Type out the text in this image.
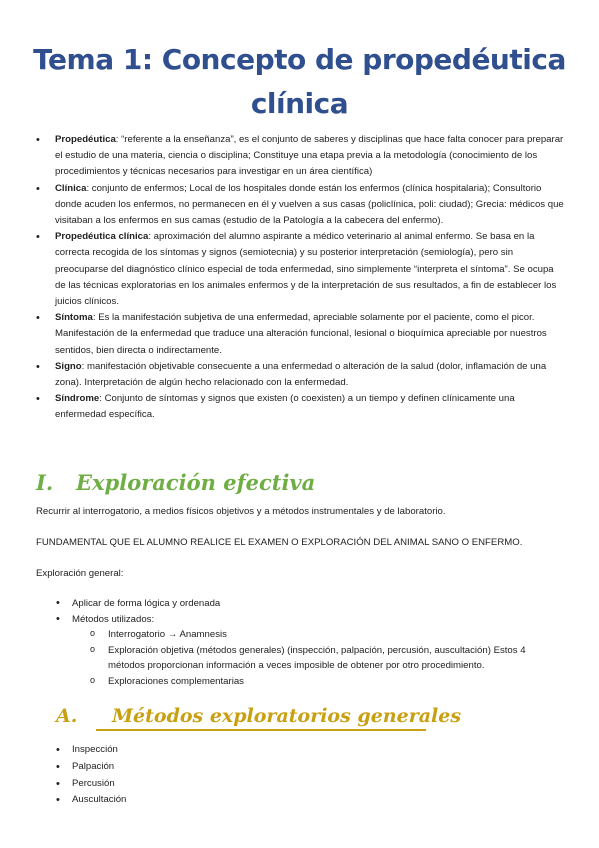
Tema 1: Concepto de propedéutica
clínica
• Propedéutica: “referente a la enseñanza”, es el conjunto de saberes y disciplinas que hace falta conocer para preparar el estudio de una materia, ciencia o disciplina; Constituye una etapa previa a la metodología (conocimiento de los procedimientos y técnicas necesarios para investigar en un área científica)
• Clínica: conjunto de enfermos; Local de los hospitales donde están los enfermos (clínica hospitalaria); Consultorio donde acuden los enfermos, no permanecen en él y vuelven a sus casas (policlínica, poli: ciudad); Grecia: médicos que visitaban a los enfermos en sus camas (estudio de la Patología a la cabecera del enfermo).
• Propedéutica clínica: aproximación del alumno aspirante a médico veterinario al animal enfermo. Se basa en la correcta recogida de los síntomas y signos (semiotecnia) y su posterior interpretación (semiología), pero sin preocuparse del diagnóstico clínico especial de toda enfermedad, sino simplemente “interpreta el síntoma”. Se ocupa de las técnicas exploratorias en los animales enfermos y de la interpretación de sus resultados, a fin de establecer los juicios clínicos.
• Síntoma: Es la manifestación subjetiva de una enfermedad, apreciable solamente por el paciente, como el picor. Manifestación de la enfermedad que traduce una alteración funcional, lesional o bioquímica apreciable por nuestros sentidos, bien directa o indirectamente.
• Signo: manifestación objetivable consecuente a una enfermedad o alteración de la salud (dolor, inflamación de una zona). Interpretación de algún hecho relacionado con la enfermedad.
• Síndrome: Conjunto de síntomas y signos que existen (o coexisten) a un tiempo y definen clínicamente una enfermedad específica.
I. Exploración efectiva
Recurrir al interrogatorio, a medios físicos objetivos y a métodos instrumentales y de laboratorio.
FUNDAMENTAL QUE EL ALUMNO REALICE EL EXAMEN O EXPLORACIÓN DEL ANIMAL SANO O ENFERMO.
Exploración general:
• Aplicar de forma lógica y ordenada
• Métodos utilizados:
o Interrogatorio → Anamnesis
o Exploración objetiva (métodos generales) (inspección, palpación, percusión, auscultación) Estos 4 métodos proporcionan información a veces imposible de obtener por otro procedimiento.
o Exploraciones complementarias
A. Métodos exploratorios generales
• Inspección
• Palpación
• Percusión
• Auscultación
